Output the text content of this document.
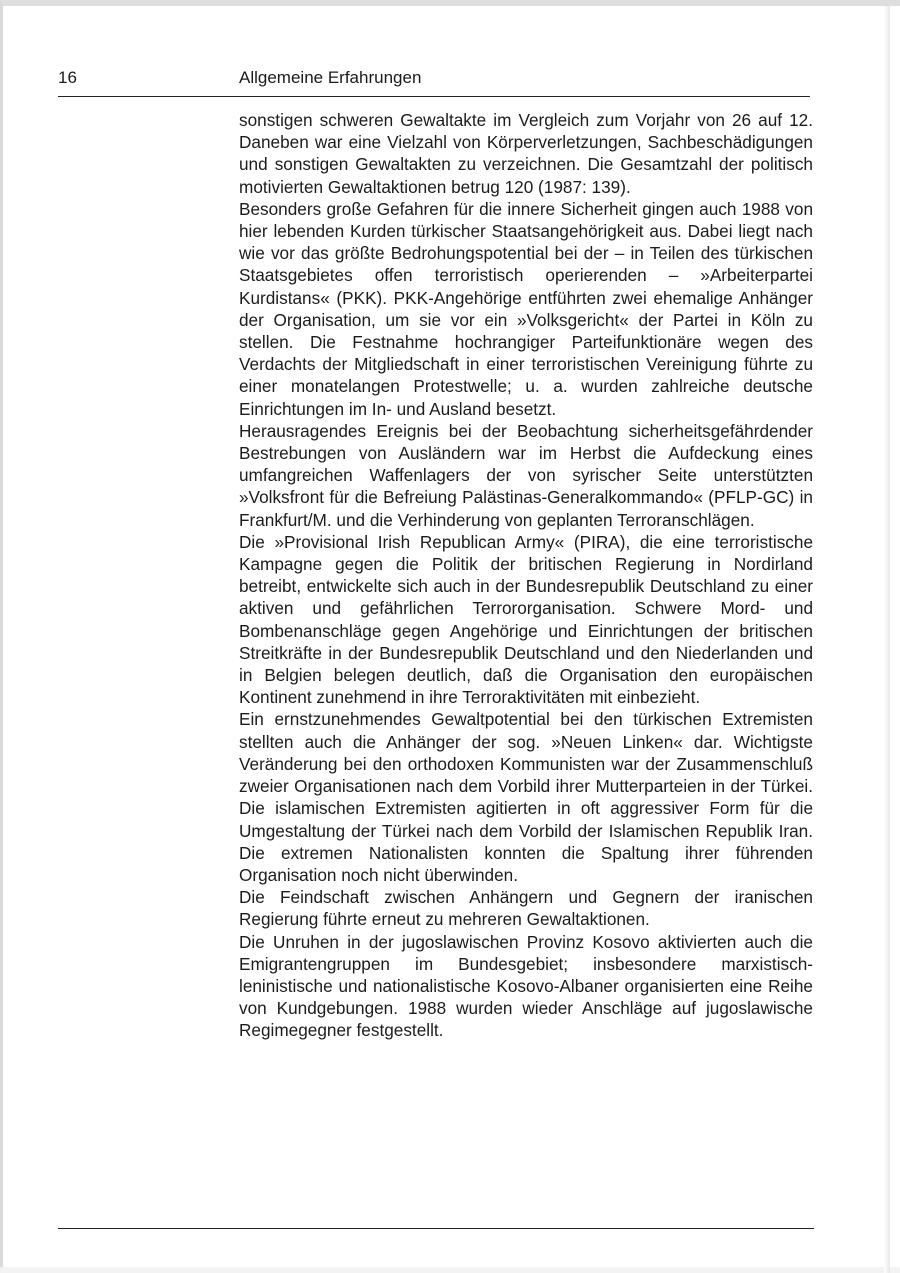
16	Allgemeine Erfahrungen

sonstigen schweren Gewaltakte im Vergleich zum Vorjahr von 26 auf 12. Daneben war eine Vielzahl von Körperverletzungen, Sachbeschädigungen und sonstigen Gewaltakten zu verzeichnen. Die Gesamtzahl der politisch motivierten Gewaltaktionen betrug 120 (1987: 139).

Besonders große Gefahren für die innere Sicherheit gingen auch 1988 von hier lebenden Kurden türkischer Staatsangehörigkeit aus. Dabei liegt nach wie vor das größte Bedrohungspotential bei der – in Teilen des türkischen Staatsgebietes offen terroristisch operierenden – »Arbeiterpartei Kurdistans« (PKK). PKK-Angehörige entführten zwei ehemalige Anhänger der Organisation, um sie vor ein »Volksgericht« der Partei in Köln zu stellen. Die Festnahme hochrangiger Parteifunktionäre wegen des Verdachts der Mitgliedschaft in einer terroristischen Vereinigung führte zu einer monatelangen Protestwelle; u. a. wurden zahlreiche deutsche Einrichtungen im In- und Ausland besetzt.

Herausragendes Ereignis bei der Beobachtung sicherheitsgefährdender Bestrebungen von Ausländern war im Herbst die Aufdeckung eines umfangreichen Waffenlagers der von syrischer Seite unterstützten »Volksfront für die Befreiung Palästinas-Generalkommando« (PFLP-GC) in Frankfurt/M. und die Verhinderung von geplanten Terroranschlägen.

Die »Provisional Irish Republican Army« (PIRA), die eine terroristische Kampagne gegen die Politik der britischen Regierung in Nordirland betreibt, entwickelte sich auch in der Bundesrepublik Deutschland zu einer aktiven und gefährlichen Terrororganisation. Schwere Mord- und Bombenanschläge gegen Angehörige und Einrichtungen der britischen Streitkräfte in der Bundesrepublik Deutschland und den Niederlanden und in Belgien belegen deutlich, daß die Organisation den europäischen Kontinent zunehmend in ihre Terroraktivitäten mit einbezieht.

Ein ernstzunehmendes Gewaltpotential bei den türkischen Extremisten stellten auch die Anhänger der sog. »Neuen Linken« dar. Wichtigste Veränderung bei den orthodoxen Kommunisten war der Zusammenschluß zweier Organisationen nach dem Vorbild ihrer Mutterparteien in der Türkei. Die islamischen Extremisten agitierten in oft aggressiver Form für die Umgestaltung der Türkei nach dem Vorbild der Islamischen Republik Iran. Die extremen Nationalisten konnten die Spaltung ihrer führenden Organisation noch nicht überwinden.

Die Feindschaft zwischen Anhängern und Gegnern der iranischen Regierung führte erneut zu mehreren Gewaltaktionen.

Die Unruhen in der jugoslawischen Provinz Kosovo aktivierten auch die Emigrantengruppen im Bundesgebiet; insbesondere marxistisch-leninistische und nationalistische Kosovo-Albaner organisierten eine Reihe von Kundgebungen. 1988 wurden wieder Anschläge auf jugoslawische Regimegegner festgestellt.
